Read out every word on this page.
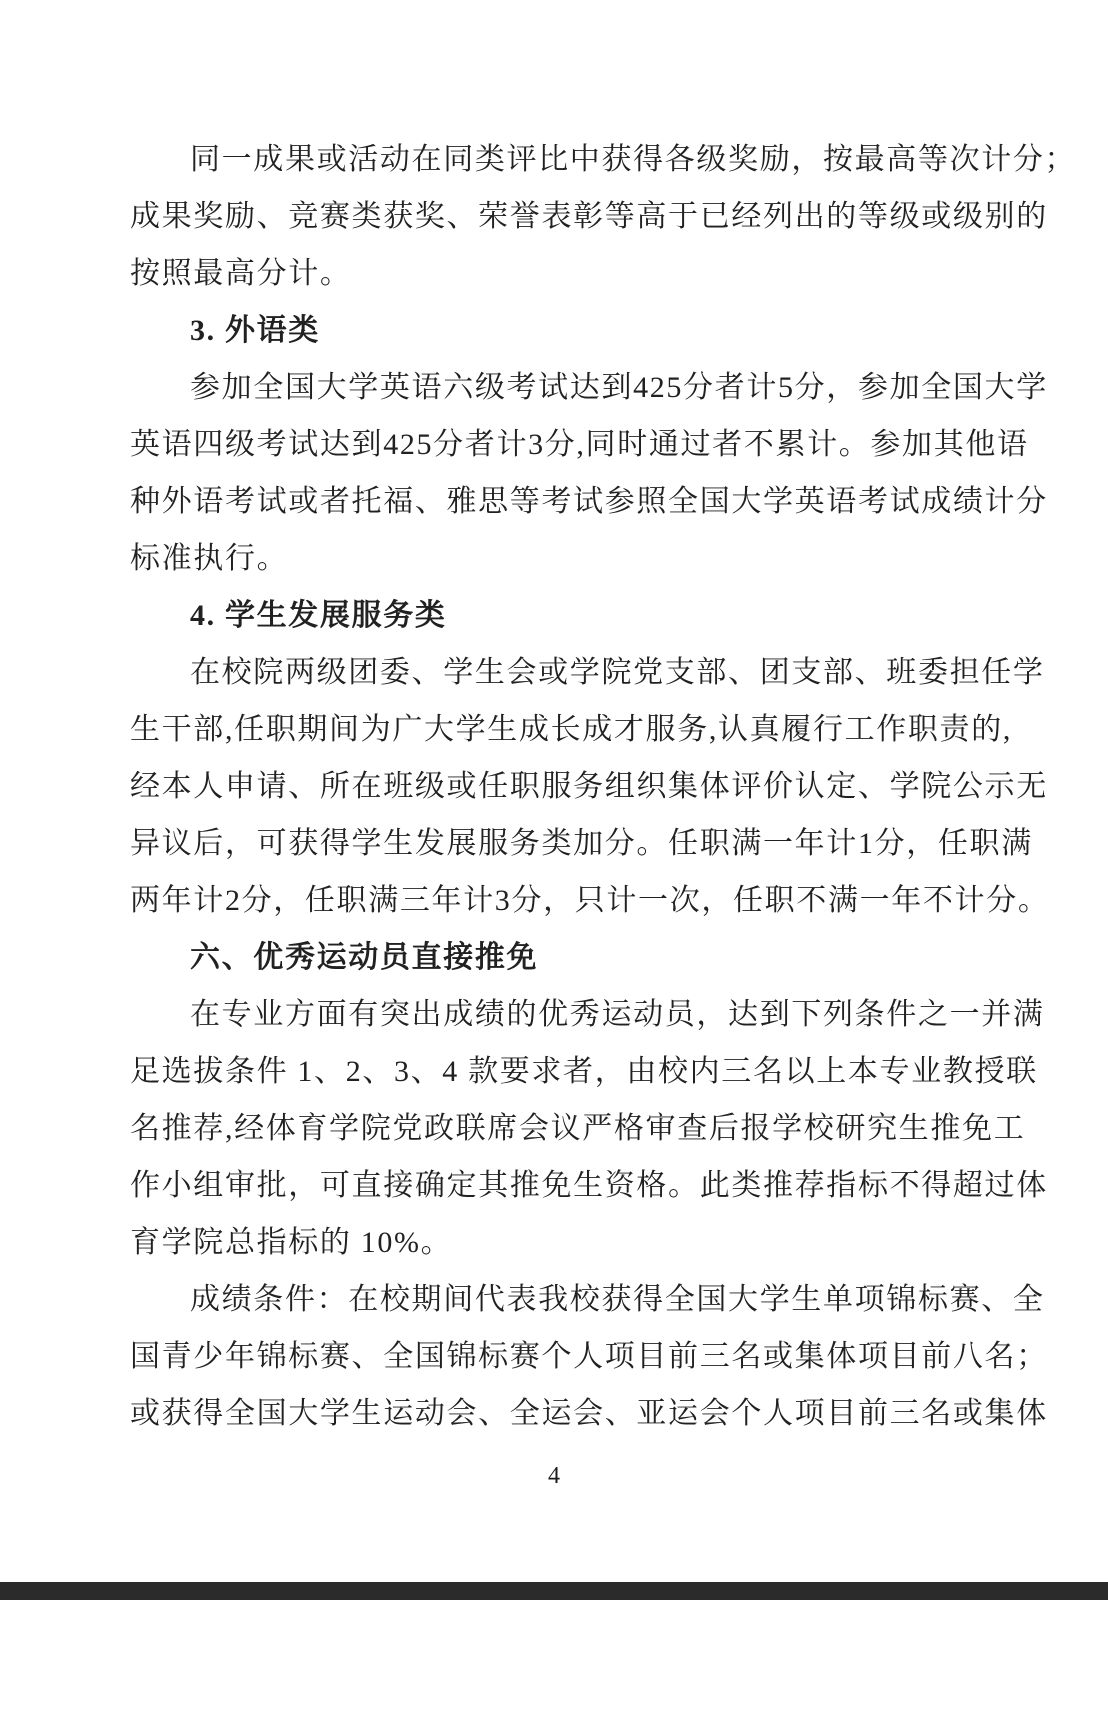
同一成果或活动在同类评比中获得各级奖励，按最高等次计分；
成果奖励、竞赛类获奖、荣誉表彰等高于已经列出的等级或级别的
按照最高分计。
3. 外语类
参加全国大学英语六级考试达到425分者计5分，参加全国大学
英语四级考试达到425分者计3分,同时通过者不累计。参加其他语
种外语考试或者托福、雅思等考试参照全国大学英语考试成绩计分
标准执行。
4. 学生发展服务类
在校院两级团委、学生会或学院党支部、团支部、班委担任学
生干部,任职期间为广大学生成长成才服务,认真履行工作职责的,
经本人申请、所在班级或任职服务组织集体评价认定、学院公示无
异议后，可获得学生发展服务类加分。任职满一年计1分，任职满
两年计2分，任职满三年计3分，只计一次，任职不满一年不计分。
六、优秀运动员直接推免
在专业方面有突出成绩的优秀运动员，达到下列条件之一并满
足选拔条件 1、2、3、4 款要求者，由校内三名以上本专业教授联
名推荐,经体育学院党政联席会议严格审查后报学校研究生推免工
作小组审批，可直接确定其推免生资格。此类推荐指标不得超过体
育学院总指标的 10%。
成绩条件：在校期间代表我校获得全国大学生单项锦标赛、全
国青少年锦标赛、全国锦标赛个人项目前三名或集体项目前八名；
或获得全国大学生运动会、全运会、亚运会个人项目前三名或集体
4
